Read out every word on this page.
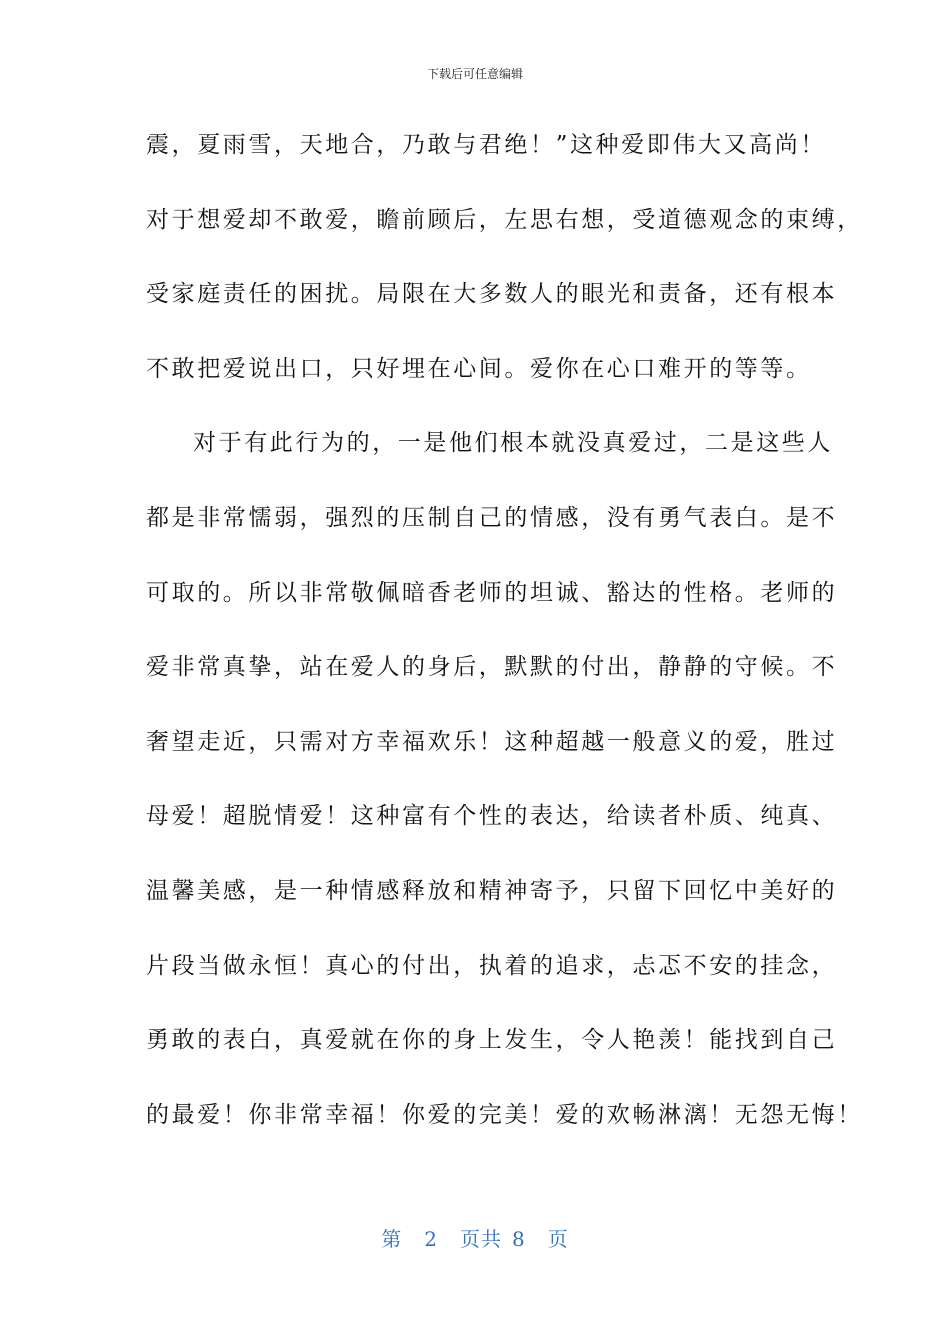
下载后可任意编辑
震，夏雨雪，天地合，乃敢与君绝！”这种爱即伟大又高尚！
对于想爱却不敢爱，瞻前顾后，左思右想，受道德观念的束缚，
受家庭责任的困扰。局限在大多数人的眼光和责备，还有根本
不敢把爱说出口，只好埋在心间。爱你在心口难开的等等。
对于有此行为的，一是他们根本就没真爱过，二是这些人
都是非常懦弱，强烈的压制自己的情感，没有勇气表白。是不
可取的。所以非常敬佩暗香老师的坦诚、豁达的性格。老师的
爱非常真挚，站在爱人的身后，默默的付出，静静的守候。不
奢望走近，只需对方幸福欢乐！这种超越一般意义的爱，胜过
母爱！超脱情爱！这种富有个性的表达，给读者朴质、纯真、
温馨美感，是一种情感释放和精神寄予，只留下回忆中美好的
片段当做永恒！真心的付出，执着的追求，忐忑不安的挂念，
勇敢的表白，真爱就在你的身上发生，令人艳羡！能找到自己
的最爱！你非常幸福！你爱的完美！爱的欢畅淋漓！无怨无悔！
第 2 页共 8 页
